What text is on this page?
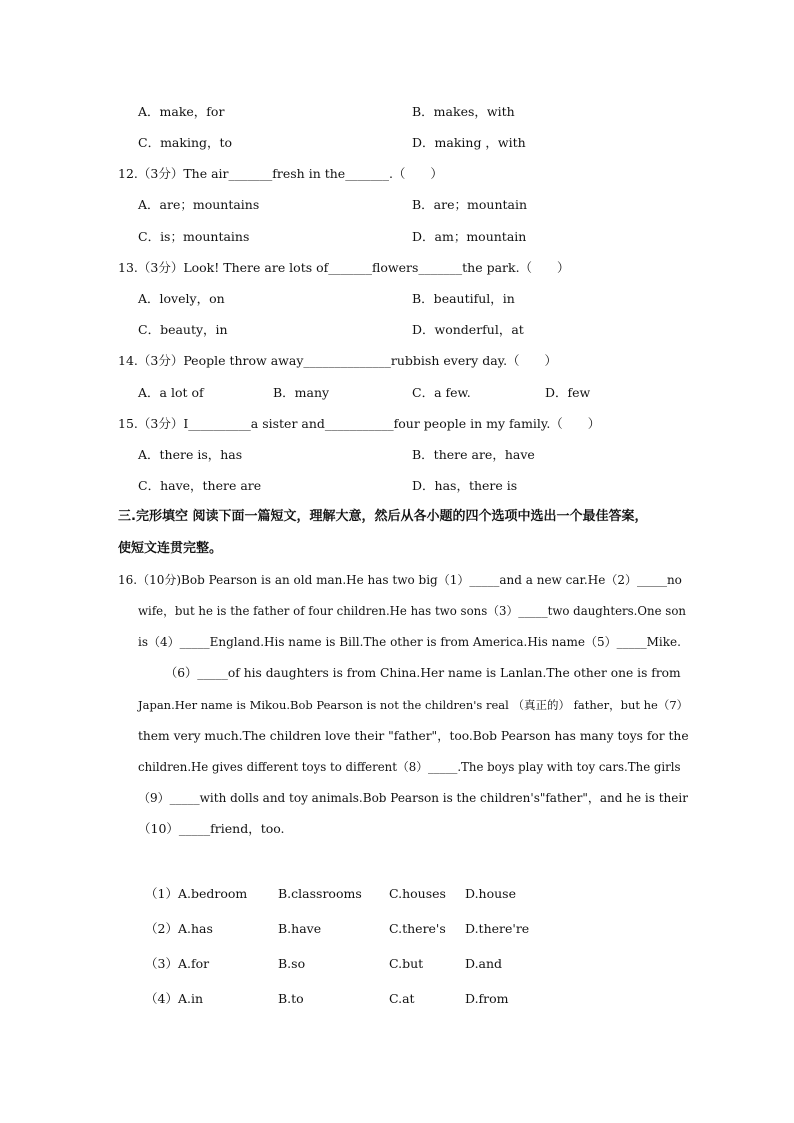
A．make，for	B．makes，with
C．making，to	D．making ，with
12.（3分）The air_______fresh in the_______.（　　）
A．are；mountains	B．are；mountain
C．is；mountains	D．am；mountain
13.（3分）Look! There are lots of_______flowers_______the park.（　　）
A．lovely，on	B．beautiful，in
C．beauty，in	D．wonderful，at
14.（3分）People throw away______________rubbish every day.（　　）
A．a lot of	B．many	C．a few.	D．few
15.（3分）I__________a sister and___________four people in my family.（　　）
A．there is，has	B．there are，have
C．have，there are	D．has，there is
三.完形填空 阅读下面一篇短文，理解大意，然后从各小题的四个选项中选出一个最佳答案，
使短文连贯完整。
16.（10分)Bob Pearson is an old man.He has two big（1）_____and a new car.He（2）_____no
wife，but he is the father of four children.He has two sons（3）_____two daughters.One son
is（4）_____England.His name is Bill.The other is from America.His name（5）_____Mike.
（6）_____of his daughters is from China.Her name is Lanlan.The other one is from
Japan.Her name is Mikou.Bob Pearson is not the children's real （真正的） father，but he（7）
them very much.The children love their "father"，too.Bob Pearson has many toys for the
children.He gives different toys to different（8）_____.The boys play with toy cars.The girls
（9）_____with dolls and toy animals.Bob Pearson is the children's"father"，and he is their
（10）_____friend，too.
（1）A.bedroom B.classrooms C.houses D.house
（2）A.has	B.have	C.there's D.there're
（3）A.for	B.so	C.but	D.and
（4）A.in	B.to	C.at	D.from
